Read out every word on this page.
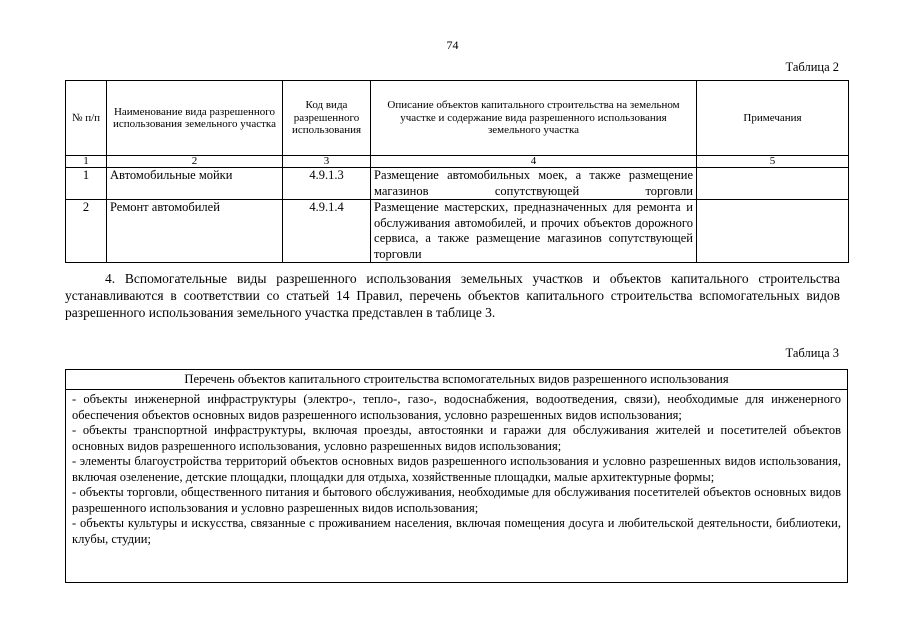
74
Таблица 2
№ п/п	Наименование вида разрешенного использования земельного участка	Код вида разрешенного использования	Описание объектов капитального строительства на земельном участке и содержание вида разрешенного использования земельного участка	Примечания
1	2	3	4	5
1	Автомобильные мойки	4.9.1.3	Размещение автомобильных моек, а также размещение магазинов сопутствующей торговли	
2	Ремонт автомобилей	4.9.1.4	Размещение мастерских, предназначенных для ремонта и обслуживания автомобилей, и прочих объектов дорожного сервиса, а также размещение магазинов сопутствующей торговли	
4. Вспомогательные виды разрешенного использования земельных участков и объектов капитального строительства устанавливаются в соответствии со статьей 14 Правил, перечень объектов капитального строительства вспомогательных видов разрешенного использования земельного участка представлен в таблице 3.
Таблица 3
Перечень объектов капитального строительства вспомогательных видов разрешенного использования

- объекты инженерной инфраструктуры (электро-, тепло-, газо-, водоснабжения, водоотведения, связи), необходимые для инженерного обеспечения объектов основных видов разрешенного использования, условно разрешенных видов использования;

- объекты транспортной инфраструктуры, включая проезды, автостоянки и гаражи для обслуживания жителей и посетителей объектов основных видов разрешенного использования, условно разрешенных видов использования;

- элементы благоустройства территорий объектов основных видов разрешенного использования и условно разрешенных видов использования, включая озеленение, детские площадки, площадки для отдыха, хозяйственные площадки, малые архитектурные формы;

- объекты торговли, общественного питания и бытового обслуживания, необходимые для обслуживания посетителей объектов основных видов разрешенного использования и условно разрешенных видов использования;

- объекты культуры и искусства, связанные с проживанием населения, включая помещения досуга и любительской деятельности, библиотеки, клубы, студии;
